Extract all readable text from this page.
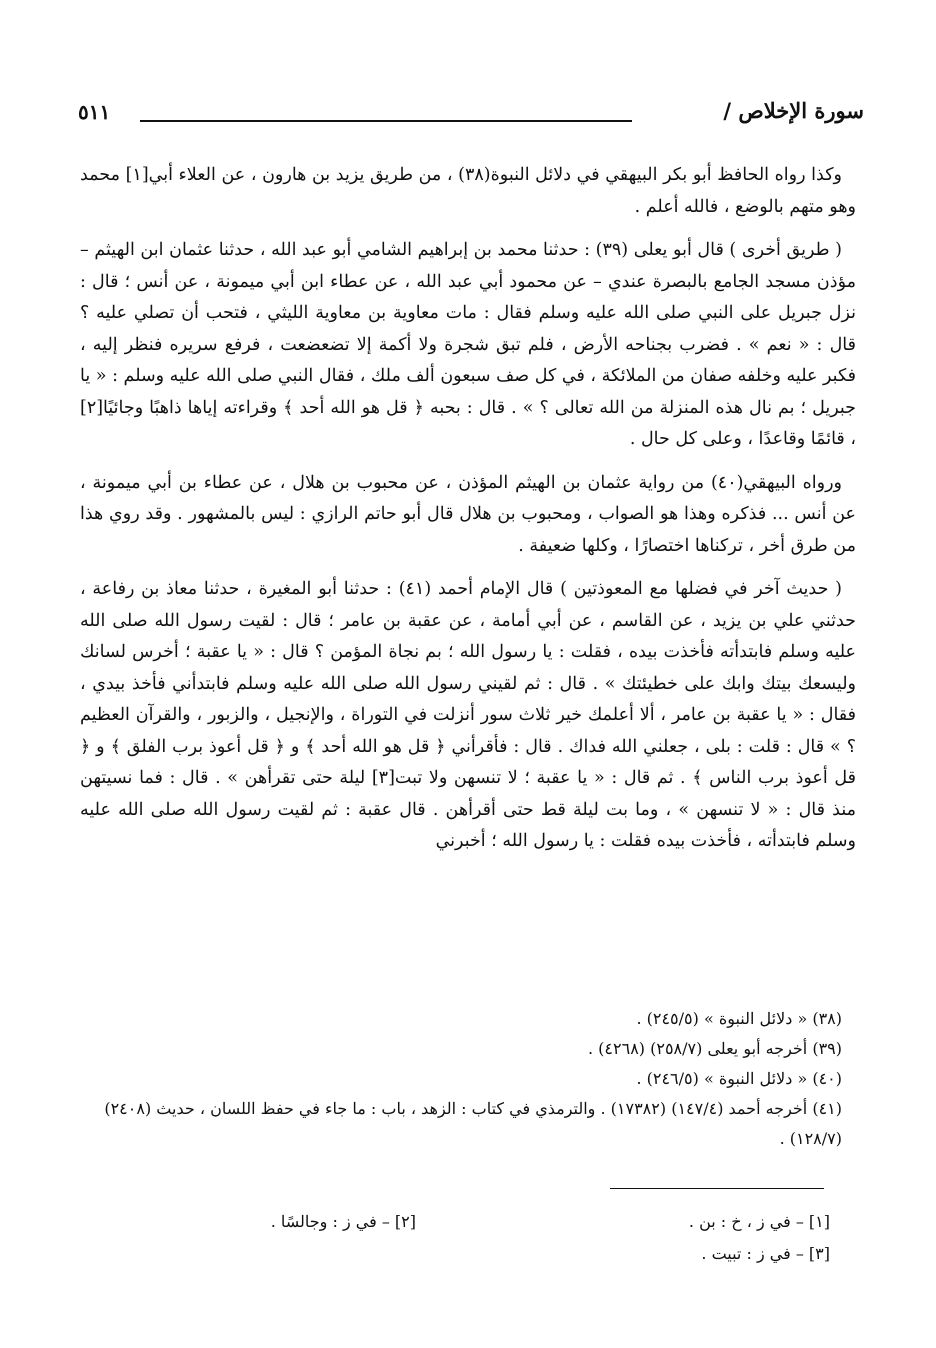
سورة الإخلاص /
٥١١

وكذا رواه الحافظ أبو بكر البيهقي في دلائل النبوة(٣٨) ، من طريق يزيد بن هارون ، عن العلاء أبي[١] محمد وهو متهم بالوضع ، فالله أعلم .

( طريق أخرى ) قال أبو يعلى (٣٩) : حدثنا محمد بن إبراهيم الشامي أبو عبد الله ، حدثنا عثمان ابن الهيثم – مؤذن مسجد الجامع بالبصرة عندي – عن محمود أبي عبد الله ، عن عطاء ابن أبي ميمونة ، عن أنس ؛ قال : نزل جبريل على النبي صلى الله عليه وسلم فقال : مات معاوية بن معاوية الليثي ، فتحب أن تصلي عليه ؟ قال : « نعم » . فضرب بجناحه الأرض ، فلم تبق شجرة ولا أكمة إلا تضعضعت ، فرفع سريره فنظر إليه ، فكبر عليه وخلفه صفان من الملائكة ، في كل صف سبعون ألف ملك ، فقال النبي صلى الله عليه وسلم : « يا جبريل ؛ بم نال هذه المنزلة من الله تعالى ؟ » . قال : بحبه ﴿ قل هو الله أحد ﴾ وقراءته إياها ذاهبًا وجائيًا[٢] ، قائمًا وقاعدًا ، وعلى كل حال .

ورواه البيهقي(٤٠) من رواية عثمان بن الهيثم المؤذن ، عن محبوب بن هلال ، عن عطاء بن أبي ميمونة ، عن أنس ... فذكره وهذا هو الصواب ، ومحبوب بن هلال قال أبو حاتم الرازي : ليس بالمشهور . وقد روي هذا من طرق أخر ، تركناها اختصارًا ، وكلها ضعيفة .

( حديث آخر في فضلها مع المعوذتين ) قال الإمام أحمد (٤١) : حدثنا أبو المغيرة ، حدثنا معاذ بن رفاعة ، حدثني علي بن يزيد ، عن القاسم ، عن أبي أمامة ، عن عقبة بن عامر ؛ قال : لقيت رسول الله صلى الله عليه وسلم فابتدأته فأخذت بيده ، فقلت : يا رسول الله ؛ بم نجاة المؤمن ؟ قال : « يا عقبة ؛ أخرس لسانك وليسعك بيتك وابك على خطيئتك » . قال : ثم لقيني رسول الله صلى الله عليه وسلم فابتدأني فأخذ بيدي ، فقال : « يا عقبة بن عامر ، ألا أعلمك خير ثلاث سور أنزلت في التوراة ، والإنجيل ، والزبور ، والقرآن العظيم ؟ » قال : قلت : بلى ، جعلني الله فداك . قال : فأقرأني ﴿ قل هو الله أحد ﴾ و ﴿ قل أعوذ برب الفلق ﴾ و ﴿ قل أعوذ برب الناس ﴾ . ثم قال : « يا عقبة ؛ لا تنسهن ولا تبت[٣] ليلة حتى تقرأهن » . قال : فما نسيتهن منذ قال : « لا تنسهن » ، وما بت ليلة قط حتى أقرأهن . قال عقبة : ثم لقيت رسول الله صلى الله عليه وسلم فابتدأته ، فأخذت بيده فقلت : يا رسول الله ؛ أخبرني

(٣٨) « دلائل النبوة » (٢٤٥/٥) .

(٣٩) أخرجه أبو يعلى (٢٥٨/٧) (٤٢٦٨) .

(٤٠) « دلائل النبوة » (٢٤٦/٥) .

(٤١) أخرجه أحمد (١٤٧/٤) (١٧٣٨٢) . والترمذي في كتاب : الزهد ، باب : ما جاء في حفظ اللسان ، حديث (٢٤٠٨) (١٢٨/٧) .

[١] – في ز ، خ : بن .
[٢] – في ز : وجالسًا .
[٣] – في ز : تبيت .
